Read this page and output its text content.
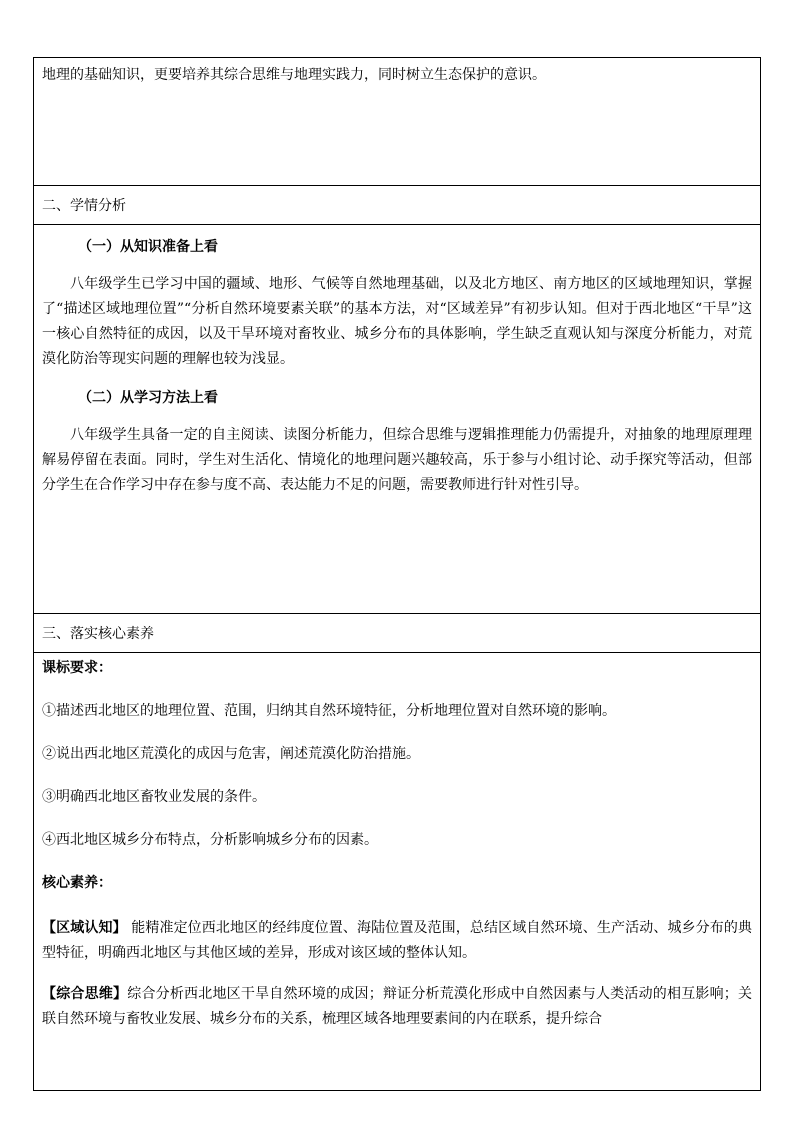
地理的基础知识，更要培养其综合思维与地理实践力，同时树立生态保护的意识。

二、学情分析

（一）从知识准备上看

八年级学生已学习中国的疆域、地形、气候等自然地理基础，以及北方地区、南方地区的区域地理知识，掌握了“描述区域地理位置”“分析自然环境要素关联”的基本方法，对“区域差异”有初步认知。但对于西北地区“干旱”这一核心自然特征的成因，以及干旱环境对畜牧业、城乡分布的具体影响，学生缺乏直观认知与深度分析能力，对荒漠化防治等现实问题的理解也较为浅显。

（二）从学习方法上看

八年级学生具备一定的自主阅读、读图分析能力，但综合思维与逻辑推理能力仍需提升，对抽象的地理原理理解易停留在表面。同时，学生对生活化、情境化的地理问题兴趣较高，乐于参与小组讨论、动手探究等活动，但部分学生在合作学习中存在参与度不高、表达能力不足的问题，需要教师进行针对性引导。

三、落实核心素养

课标要求：

①描述西北地区的地理位置、范围，归纳其自然环境特征，分析地理位置对自然环境的影响。

②说出西北地区荒漠化的成因与危害，阐述荒漠化防治措施。

③明确西北地区畜牧业发展的条件。

④西北地区城乡分布特点，分析影响城乡分布的因素。

核心素养：

【区域认知】 能精准定位西北地区的经纬度位置、海陆位置及范围，总结区域自然环境、生产活动、城乡分布的典型特征，明确西北地区与其他区域的差异，形成对该区域的整体认知。

【综合思维】综合分析西北地区干旱自然环境的成因；辩证分析荒漠化形成中自然因素与人类活动的相互影响；关联自然环境与畜牧业发展、城乡分布的关系，梳理区域各地理要素间的内在联系，提升综合
